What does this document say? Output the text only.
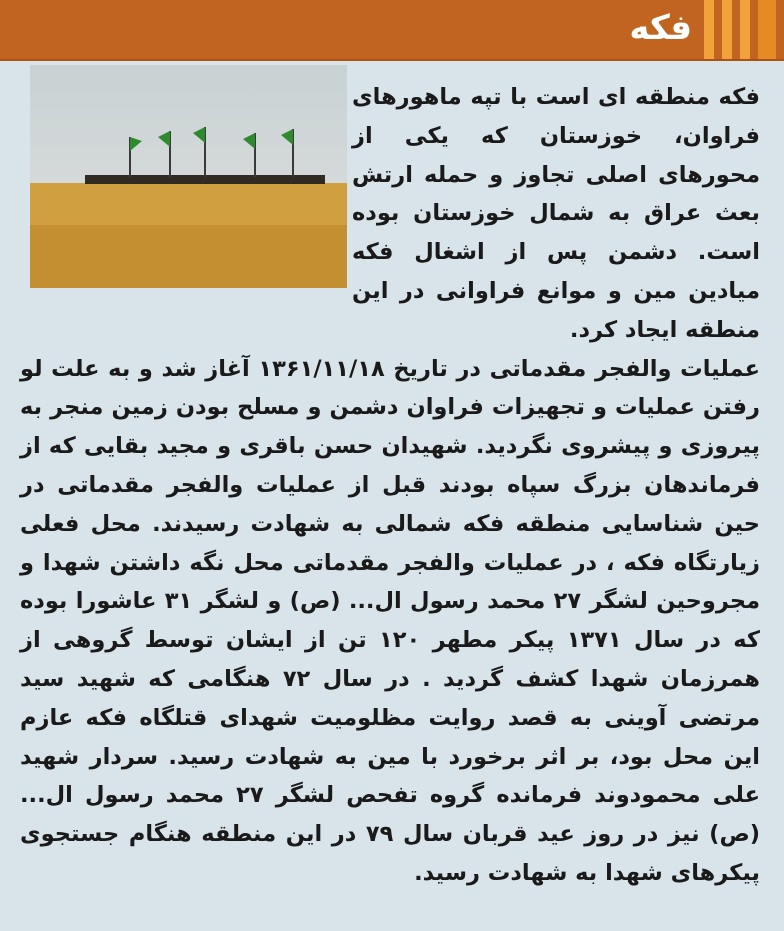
فکه

فکه منطقه ای است با تپه ماهورهای فراوان، خوزستان که یکی از محورهای اصلی تجاوز و حمله ارتش بعث عراق به شمال خوزستان بوده است. دشمن پس از اشغال فکه میادین مین و موانع فراوانی در این منطقه ایجاد کرد.

عملیات والفجر مقدماتی در تاریخ ۱۳۶۱/۱۱/۱۸ آغاز شد و به علت لو رفتن عملیات و تجهیزات فراوان دشمن و مسلح بودن زمین منجر به پیروزی و پیشروی نگردید. شهیدان حسن باقری و مجید بقایی که از فرماندهان بزرگ سپاه بودند قبل از عملیات والفجر مقدماتی در حین شناسایی منطقه فکه شمالی به شهادت رسیدند. محل فعلی زیارتگاه فکه ، در عملیات والفجر مقدماتی محل نگه داشتن شهدا و مجروحین لشگر ۲۷ محمد رسول ال... (ص) و لشگر ۳۱ عاشورا بوده که در سال ۱۳۷۱ پیکر مطهر ۱۲۰ تن از ایشان توسط گروهی از همرزمان شهدا کشف گردید . در سال ۷۲ هنگامی که شهید سید مرتضی آوینی به قصد روایت مظلومیت شهدای قتلگاه فکه عازم این محل بود، بر اثر برخورد با مین به شهادت رسید. سردار شهید علی محمودوند فرمانده گروه تفحص لشگر ۲۷ محمد رسول ال... (ص) نیز در روز عید قربان سال ۷۹ در این منطقه هنگام جستجوی پیکرهای شهدا به شهادت رسید.
